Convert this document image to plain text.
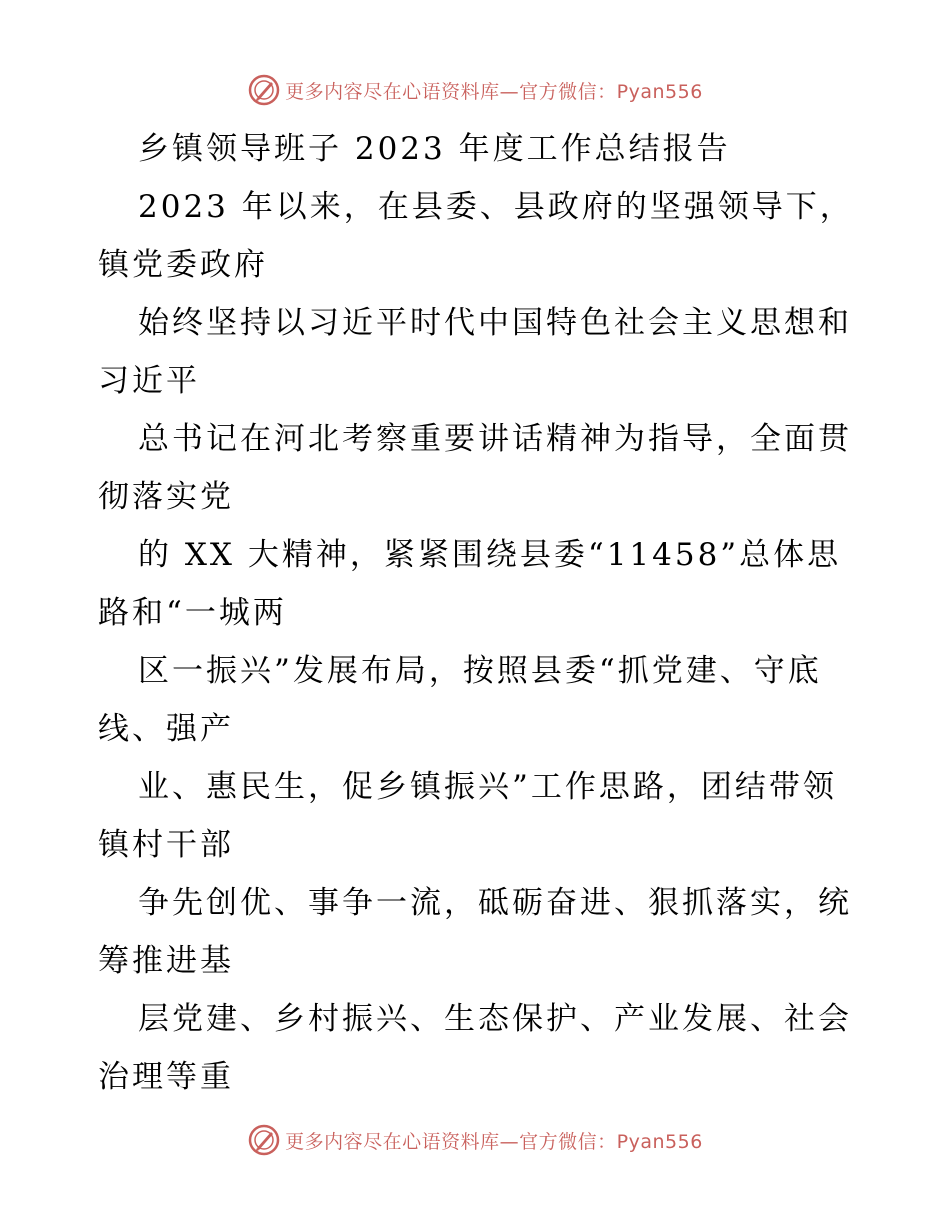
更多内容尽在心语资料库—官方微信：Pyan556
乡镇领导班子 2023 年度工作总结报告
2023 年以来，在县委、县政府的坚强领导下，
镇党委政府
始终坚持以习近平时代中国特色社会主义思想和
习近平
总书记在河北考察重要讲话精神为指导，全面贯
彻落实党
的 XX 大精神，紧紧围绕县委“11458”总体思
路和“一城两
区一振兴”发展布局，按照县委“抓党建、守底
线、强产
业、惠民生，促乡镇振兴”工作思路，团结带领
镇村干部
争先创优、事争一流，砥砺奋进、狠抓落实，统
筹推进基
层党建、乡村振兴、生态保护、产业发展、社会
治理等重
更多内容尽在心语资料库—官方微信：Pyan556
